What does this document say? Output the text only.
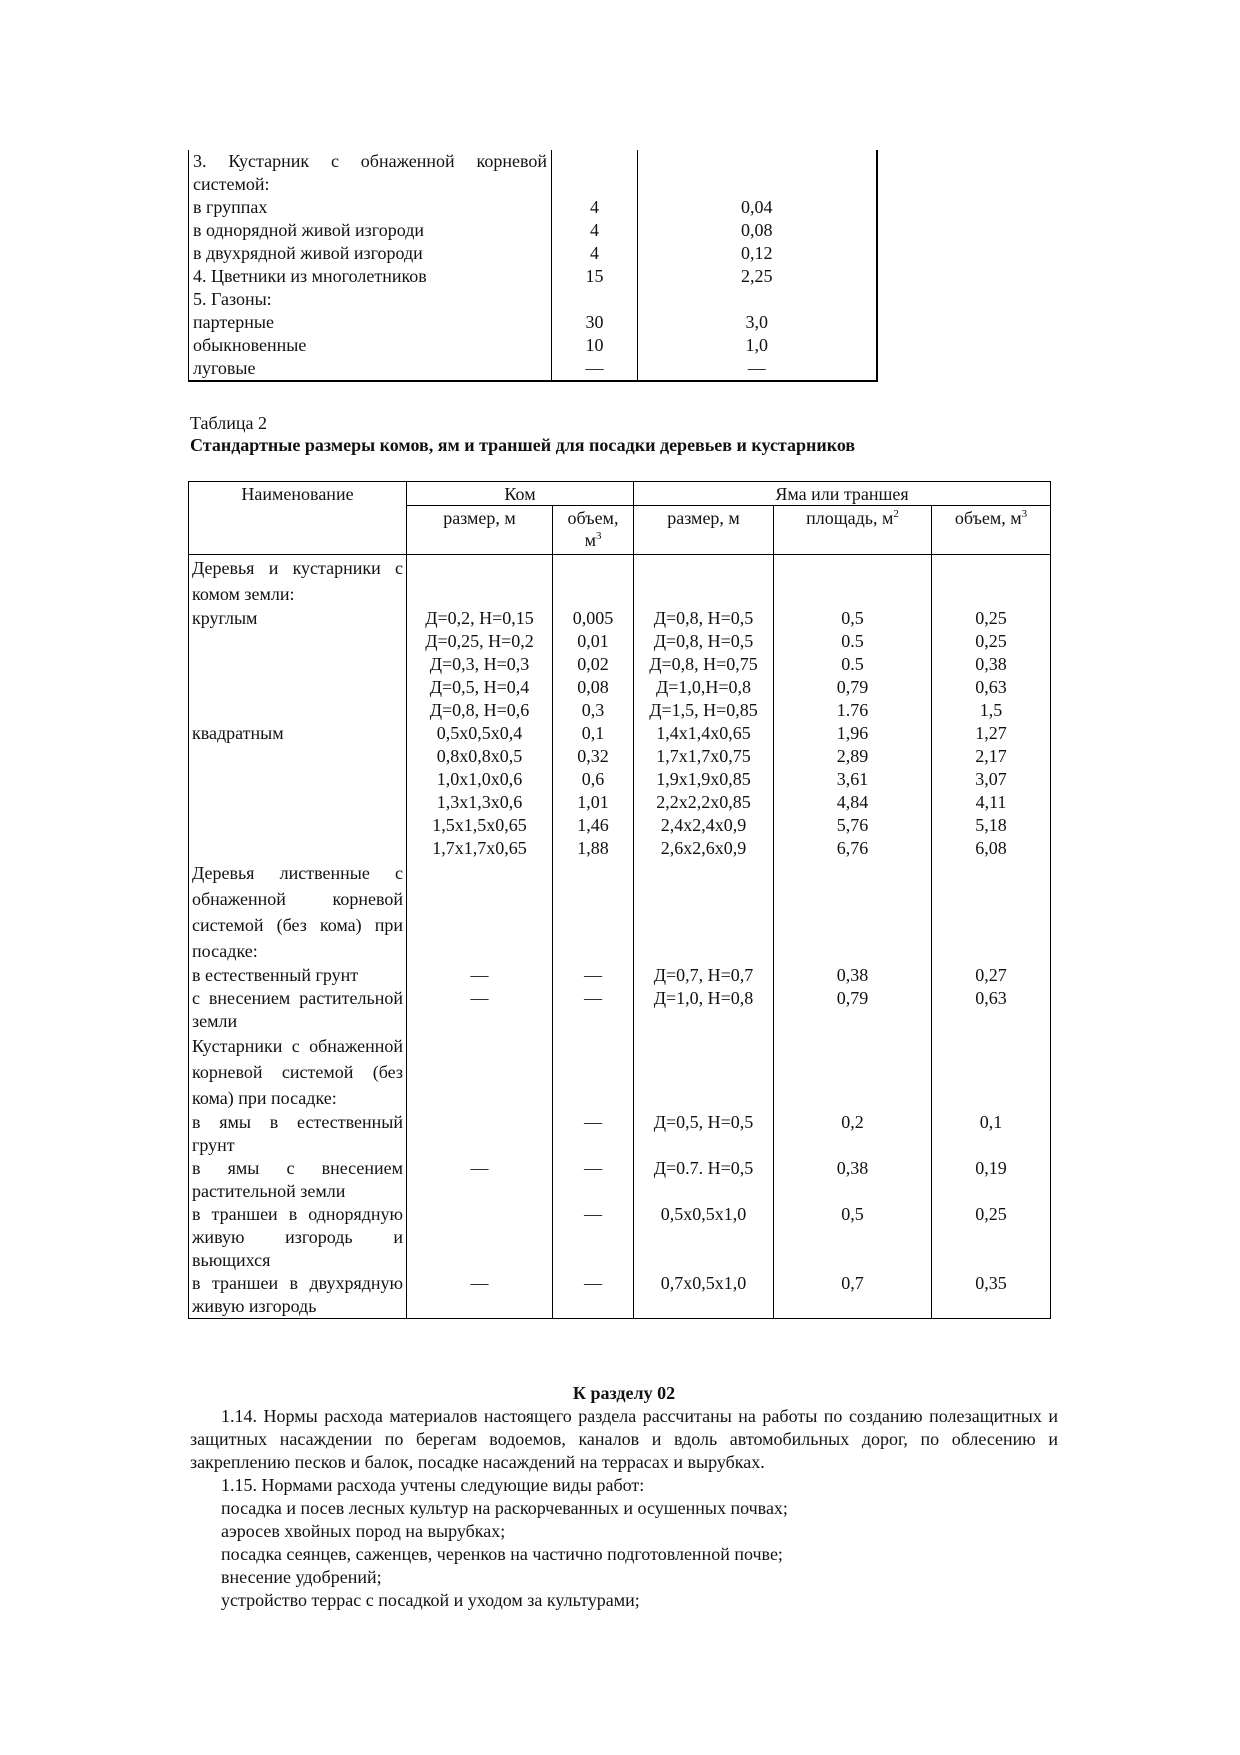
3. Кустарник с обнаженной корневой системой:		
в группах	4	0,04
в однорядной живой изгороди	4	0,08
в двухрядной живой изгороди	4	0,12
4. Цветники из многолетников	15	2,25
5. Газоны:		
партерные	30	3,0
обыкновенные	10	1,0
луговые	—	—
Таблица 2
Стандартные размеры комов, ям и траншей для посадки деревьев и кустарников
Наименование	Ком		Яма или траншея		
	размер, м	объем, $м^3$	размер, м	площадь, $м^2$	объем, $м^3$
Деревья и кустарники с комом земли:					
круглым	Д=0,2, Н=0,15	0,005	Д=0,8, Н=0,5	0,5	0,25
	Д=0,25, Н=0,2	0,01	Д=0,8, Н=0,5	0.5	0,25
	Д=0,3, Н=0,3	0,02	Д=0,8, Н=0,75	0.5	0,38
	Д=0,5, Н=0,4	0,08	Д=1,0,Н=0,8	0,79	0,63
	Д=0,8, Н=0,6	0,3	Д=1,5, Н=0,85	1.76	1,5
квадратным	0,5x0,5x0,4	0,1	1,4x1,4x0,65	1,96	1,27
	0,8x0,8x0,5	0,32	1,7x1,7x0,75	2,89	2,17
	1,0x1,0x0,6	0,6	1,9x1,9x0,85	3,61	3,07
	1,3x1,3x0,6	1,01	2,2x2,2x0,85	4,84	4,11
	1,5x1,5x0,65	1,46	2,4x2,4x0,9	5,76	5,18
	1,7x1,7x0,65	1,88	2,6x2,6x0,9	6,76	6,08
Деревья лиственные с обнаженной корневой системой (без кома) при посадке:					
в естественный грунт	—	—	Д=0,7, Н=0,7	0,38	0,27
с внесением растительной земли	—	—	Д=1,0, Н=0,8	0,79	0,63
Кустарники с обнаженной корневой системой (без кома) при посадке:					
в ямы в естественный грунт		—	Д=0,5, Н=0,5	0,2	0,1
в ямы с внесением растительной земли	—	—	Д=0.7. Н=0,5	0,38	0,19
в траншеи в однорядную живую изгородь и вьющихся		—	0,5x0,5x1,0	0,5	0,25
в траншеи в двухрядную живую изгородь	—	—	0,7x0,5x1,0	0,7	0,35
К разделу 02
1.14. Нормы расхода материалов настоящего раздела рассчитаны на работы по созданию полезащитных и защитных насаждении по берегам водоемов, каналов и вдоль автомобильных дорог, по облесению и закреплению песков и балок, посадке насаждений на террасах и вырубках.
1.15. Нормами расхода учтены следующие виды работ:
посадка и посев лесных культур на раскорчеванных и осушенных почвах;
аэросев хвойных пород на вырубках;
посадка сеянцев, саженцев, черенков на частично подготовленной почве;
внесение удобрений;
устройство террас с посадкой и уходом за культурами;
